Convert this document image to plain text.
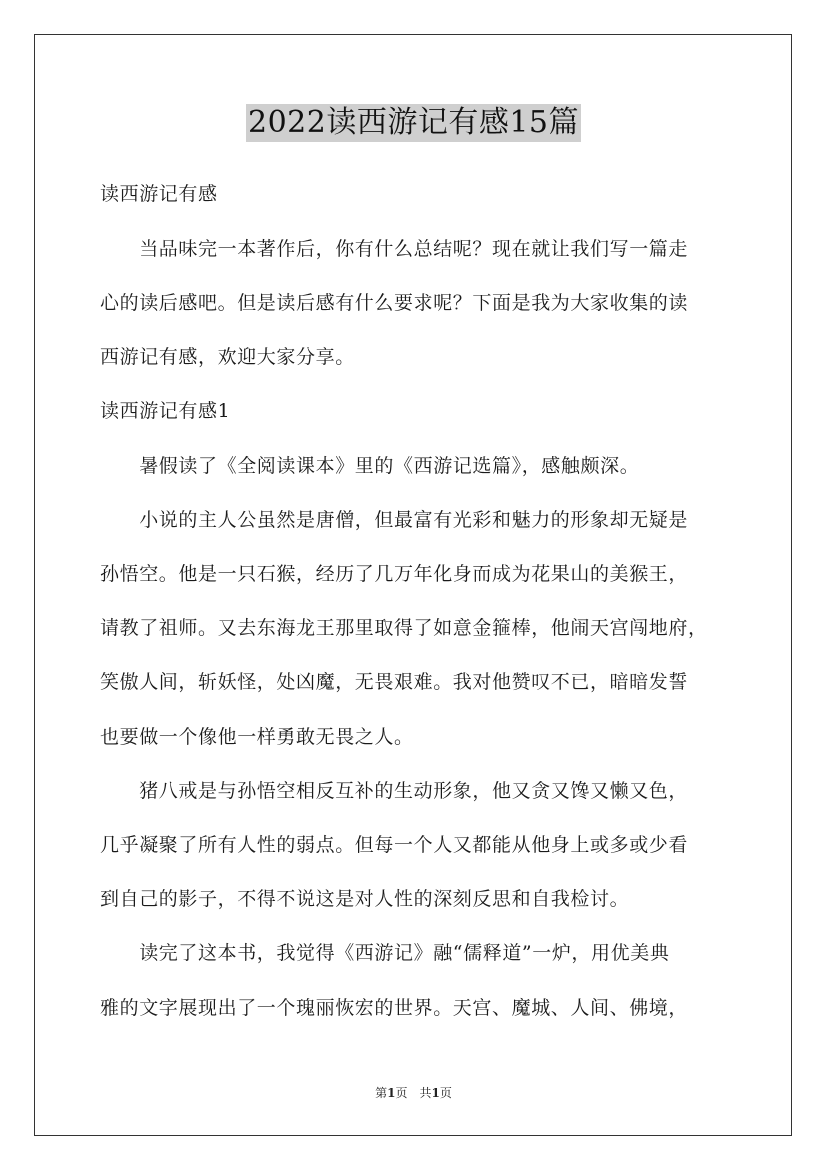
2022读西游记有感15篇
读西游记有感
　　当品味完一本著作后，你有什么总结呢？现在就让我们写一篇走
心的读后感吧。但是读后感有什么要求呢？下面是我为大家收集的读
西游记有感，欢迎大家分享。
读西游记有感1
　　暑假读了《全阅读课本》里的《西游记选篇》，感触颇深。
　　小说的主人公虽然是唐僧，但最富有光彩和魅力的形象却无疑是
孙悟空。他是一只石猴，经历了几万年化身而成为花果山的美猴王，
请教了祖师。又去东海龙王那里取得了如意金箍棒，他闹天宫闯地府，
笑傲人间，斩妖怪，处凶魔，无畏艰难。我对他赞叹不已，暗暗发誓
也要做一个像他一样勇敢无畏之人。
　　猪八戒是与孙悟空相反互补的生动形象，他又贪又馋又懒又色，
几乎凝聚了所有人性的弱点。但每一个人又都能从他身上或多或少看
到自己的影子，不得不说这是对人性的深刻反思和自我检讨。
　　读完了这本书，我觉得《西游记》融“儒释道”一炉，用优美典
雅的文字展现出了一个瑰丽恢宏的世界。天宫、魔城、人间、佛境，
第1页　共1页
